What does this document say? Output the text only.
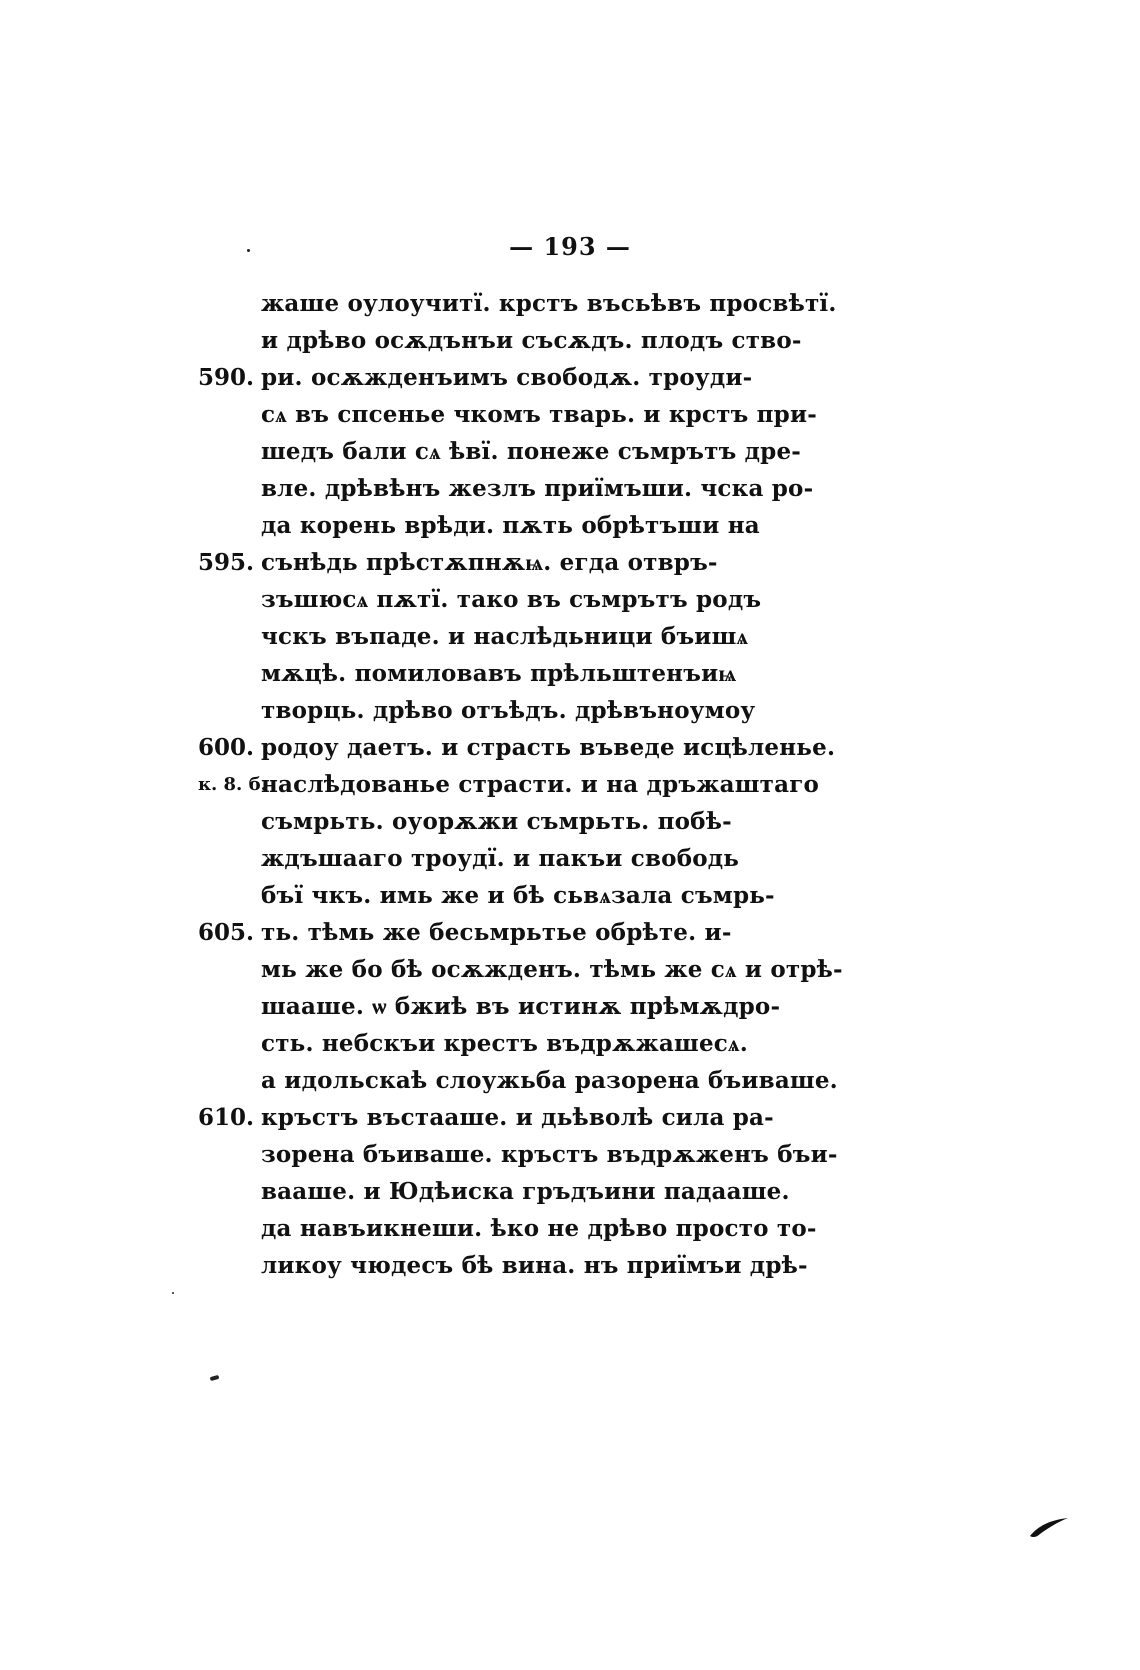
— 193 —
жаше оулоучитї. крстъ въсьѣвъ просвѣтї.
и дрѣво осѫдънъи съсѫдъ. плодъ ство-
590. ри. осѫжденъимъ свободѫ. троуди-
сѧ въ спсенье чкомъ тварь. и крстъ при-
шедъ бали сѧ ѣвї. понеже съмрътъ дре-
вле. дрѣвѣнъ жезлъ приїмъши. чска ро-
да корень врѣди. пѫть обрѣтъши на
595. сънѣдь прѣстѫпнѫѩ. егда отвръ-
зъшюсѧ пѫтї. тако въ съмрътъ родъ
чскъ въпаде. и наслѣдьници бъишѧ
мѫцѣ. помиловавъ прѣльштенъиѩ
творць. дрѣво отъѣдъ. дрѣвъноумоу
600. родоу даетъ. и страсть въведе исцѣленье.
к. 8. б.
наслѣдованье страсти. и на дръжаштаго
съмрьть. оуорѫжи съмрьть. побѣ-
ждъшааго троудї. и пакъи свободь
бъї чкъ. имь же и бѣ сьвѧзала съмрь-
605. ть. тѣмь же бесьмрьтье обрѣте. и-
мь же бо бѣ осѫжденъ. тѣмь же сѧ и отрѣ-
шааше. ѡ бжиѣ въ истинѫ прѣмѫдро-
сть. небскъи крестъ въдрѫжашесѧ.
а идольскаѣ слоужьба разорена бъиваше.
610. кръстъ въстааше. и дьѣволѣ сила ра-
зорена бъиваше. кръстъ въдрѫженъ бъи-
вааше. и Юдѣиска гръдъини падааше.
да навъикнеши. ѣко не дрѣво просто то-
ликоу чюдесъ бѣ вина. нъ приїмъи дрѣ-
